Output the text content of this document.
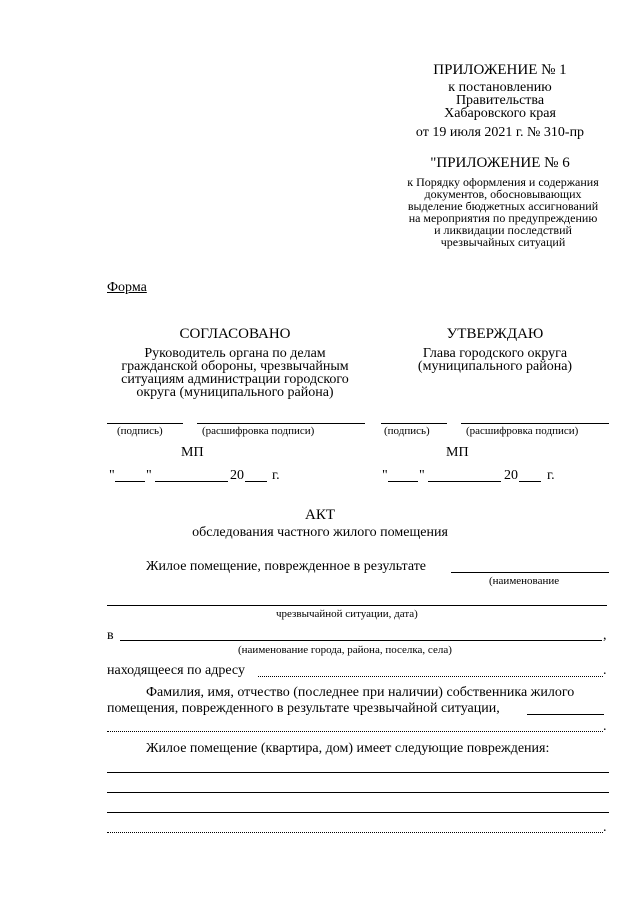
ПРИЛОЖЕНИЕ № 1
к постановлению
Правительства
Хабаровского края
от 19 июля 2021 г. № 310-пр
"ПРИЛОЖЕНИЕ № 6
к Порядку оформления и содержания
документов, обосновывающих
выделение бюджетных ассигнований
на мероприятия по предупреждению
и ликвидации последствий
чрезвычайных ситуаций
Форма
СОГЛАСОВАНО
Руководитель органа по делам
гражданской обороны, чрезвычайным
ситуациям администрации городского
округа (муниципального района)
(подпись)	(расшифровка подписи)
МП
" "	20 г.
УТВЕРЖДАЮ
Глава городского округа
(муниципального района)
(подпись)	(расшифровка подписи)
МП
" "	20 г.
АКТ
обследования частного жилого помещения
Жилое помещение, поврежденное в результате
(наименование
чрезвычайной ситуации, дата)
в	,
(наименование города, района, поселка, села)
находящееся по адресу	.
Фамилия, имя, отчество (последнее при наличии) собственника жилого
помещения, поврежденного в результате чрезвычайной ситуации,
.
Жилое помещение (квартира, дом) имеет следующие повреждения:
.
